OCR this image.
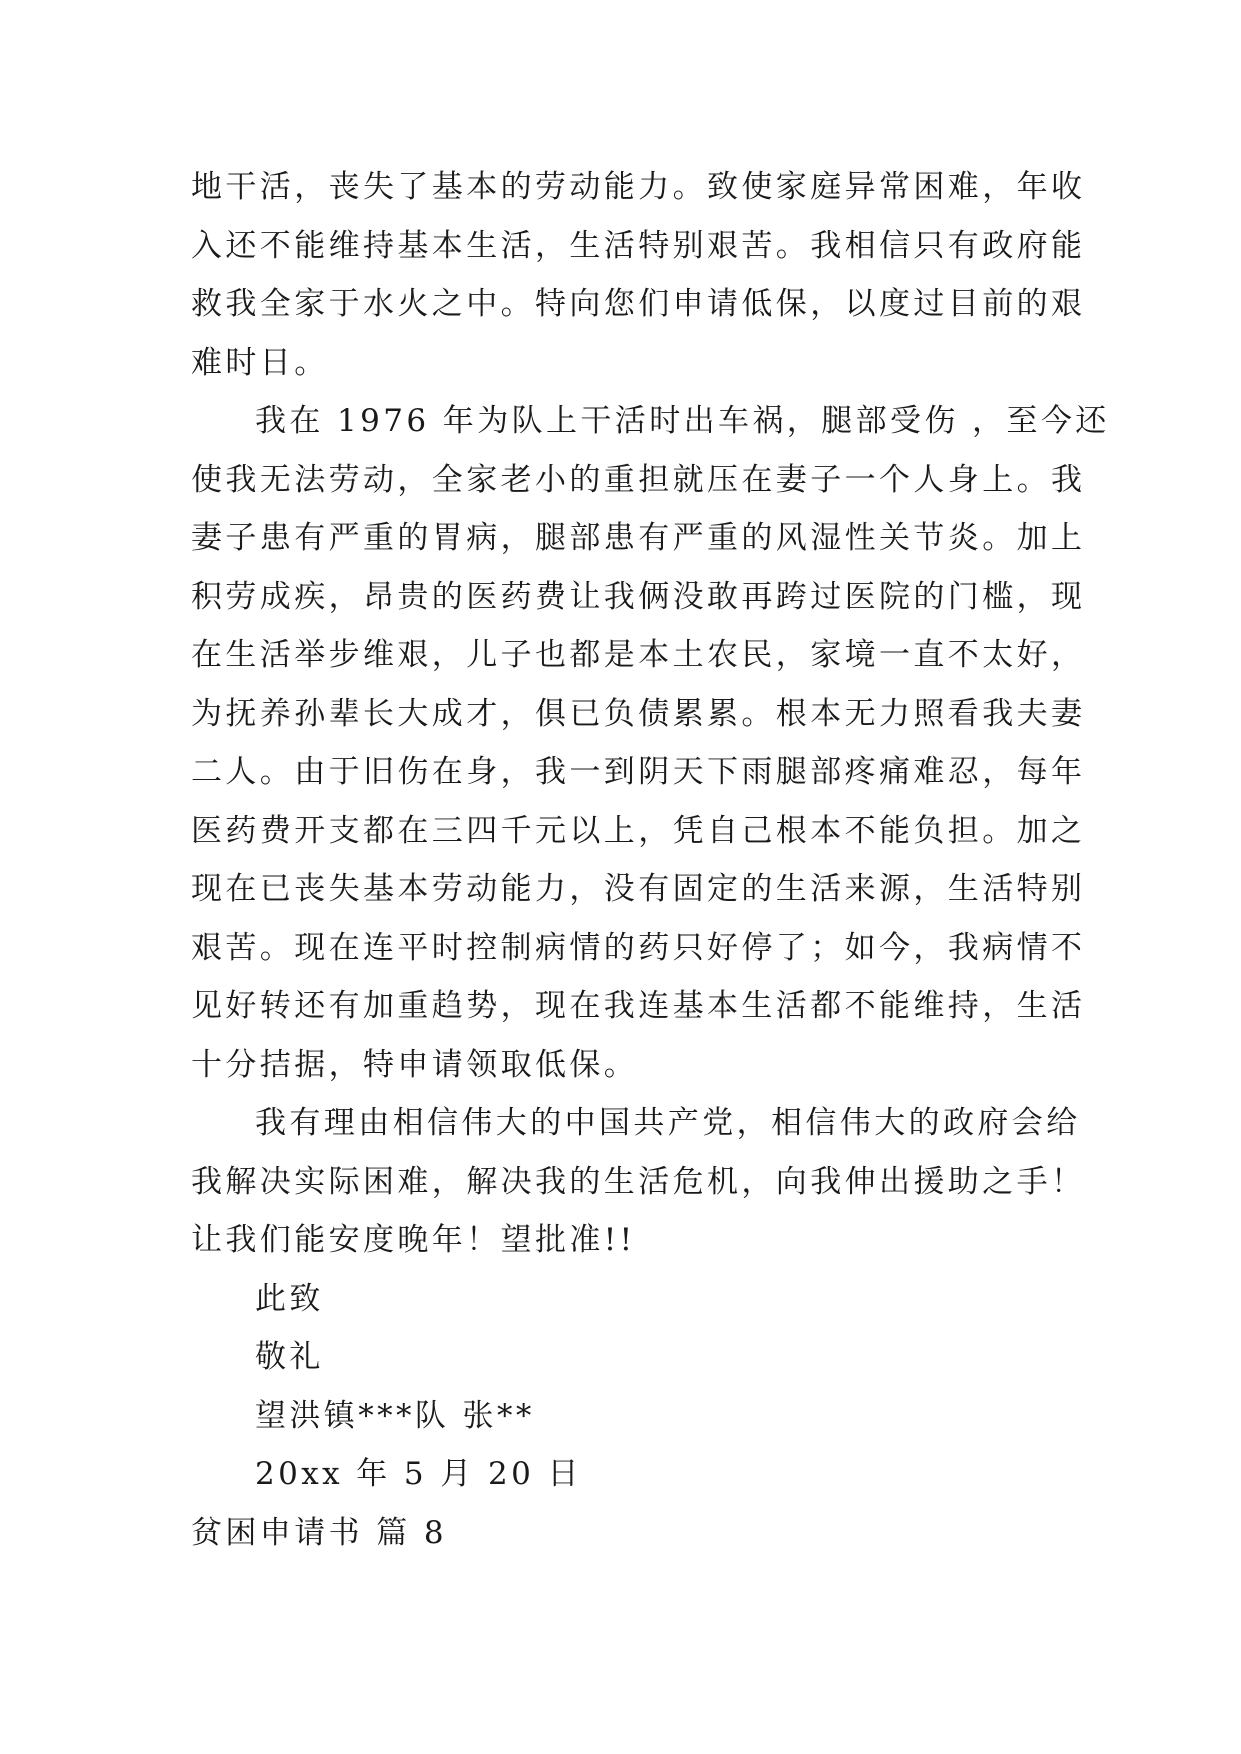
地干活，丧失了基本的劳动能力。致使家庭异常困难，年收
入还不能维持基本生活，生活特别艰苦。我相信只有政府能
救我全家于水火之中。特向您们申请低保，以度过目前的艰
难时日。
我在 1976 年为队上干活时出车祸，腿部受伤 ，至今还
使我无法劳动，全家老小的重担就压在妻子一个人身上。我
妻子患有严重的胃病，腿部患有严重的风湿性关节炎。加上
积劳成疾，昂贵的医药费让我俩没敢再跨过医院的门槛，现
在生活举步维艰，儿子也都是本土农民，家境一直不太好，
为抚养孙辈长大成才，俱已负债累累。根本无力照看我夫妻
二人。由于旧伤在身，我一到阴天下雨腿部疼痛难忍，每年
医药费开支都在三四千元以上，凭自己根本不能负担。加之
现在已丧失基本劳动能力，没有固定的生活来源，生活特别
艰苦。现在连平时控制病情的药只好停了；如今，我病情不
见好转还有加重趋势，现在我连基本生活都不能维持，生活
十分拮据，特申请领取低保。
我有理由相信伟大的中国共产党，相信伟大的政府会给
我解决实际困难，解决我的生活危机，向我伸出援助之手！
让我们能安度晚年！望批准!!
此致
敬礼
望洪镇***队 张**
20xx 年 5 月 20 日
贫困申请书 篇 8
